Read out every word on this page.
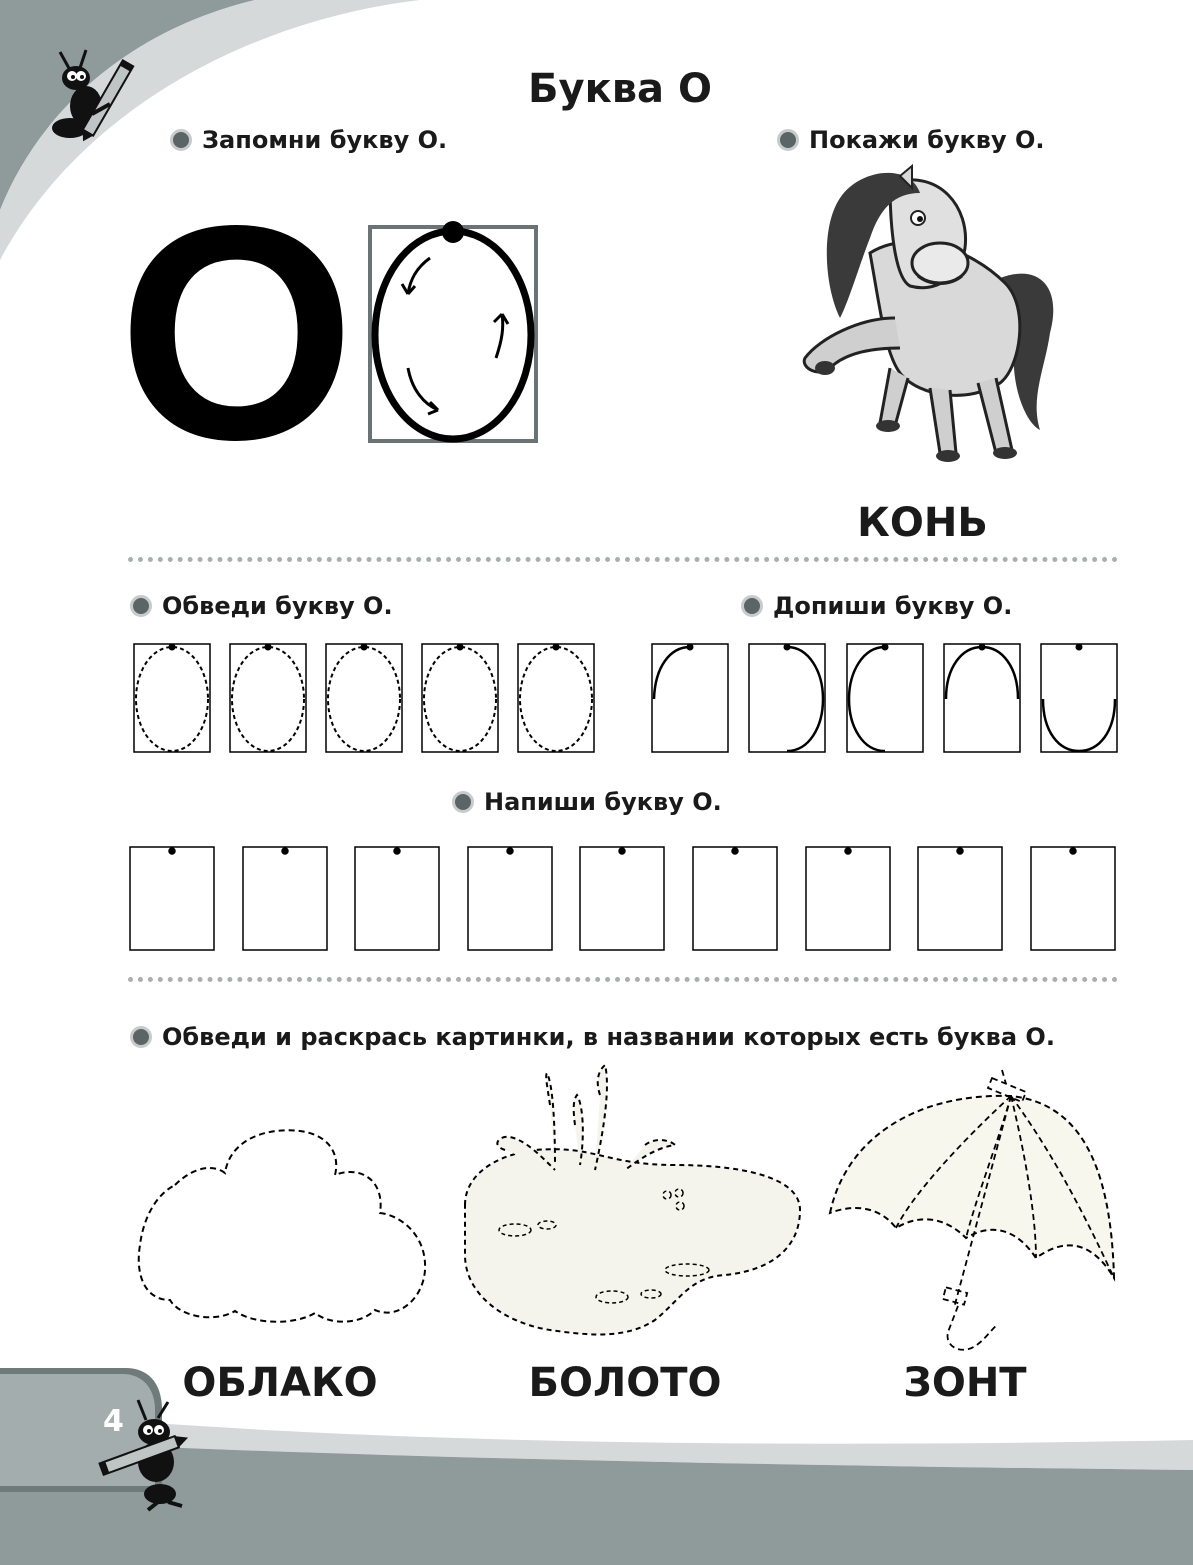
Буква О
Запомни букву О.	Покажи букву О.
О
КОНЬ
Обведи букву О.	Допиши букву О.
Напиши букву О.
Обведи и раскрась картинки, в названии которых есть буква О.
ОБЛАКО	БОЛОТО	ЗОНТ
4
